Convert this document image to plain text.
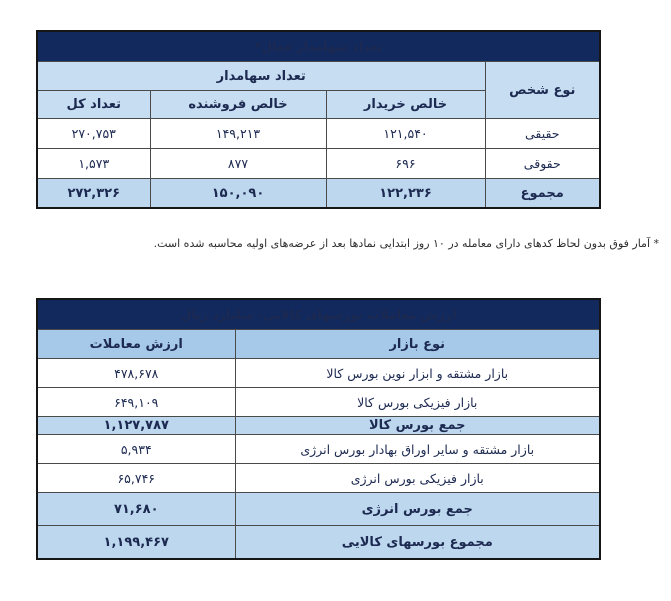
تعداد سهامدار فعال*			
نوع شخص	تعداد سهامدار		
	خالص خریدار	خالص فروشنده	تعداد کل
حقیقی	۱۲۱,۵۴۰	۱۴۹,۲۱۳	۲۷۰,۷۵۳
حقوقی	۶۹۶	۸۷۷	۱,۵۷۳
مجموع	۱۲۲,۲۳۶	۱۵۰,۰۹۰	۲۷۲,۳۲۶
* آمار فوق بدون لحاظ کدهای دارای معامله در ۱۰ روز ابتدایی نمادها بعد از عرضه‌های اولیه محاسبه شده است.
ارزش معاملات بورسهای کالایی- میلیارد ریال	
نوع بازار	ارزش معاملات
بازار مشتقه و ابزار نوین بورس کالا	۴۷۸,۶۷۸
بازار فیزیکی بورس کالا	۶۴۹,۱۰۹
جمع بورس کالا	۱,۱۲۷,۷۸۷
بازار مشتقه و سایر اوراق بهادار بورس انرژی	۵,۹۳۴
بازار فیزیکی بورس انرژی	۶۵,۷۴۶
جمع بورس انرژی	۷۱,۶۸۰
مجموع بورسهای کالایی	۱,۱۹۹,۴۶۷
